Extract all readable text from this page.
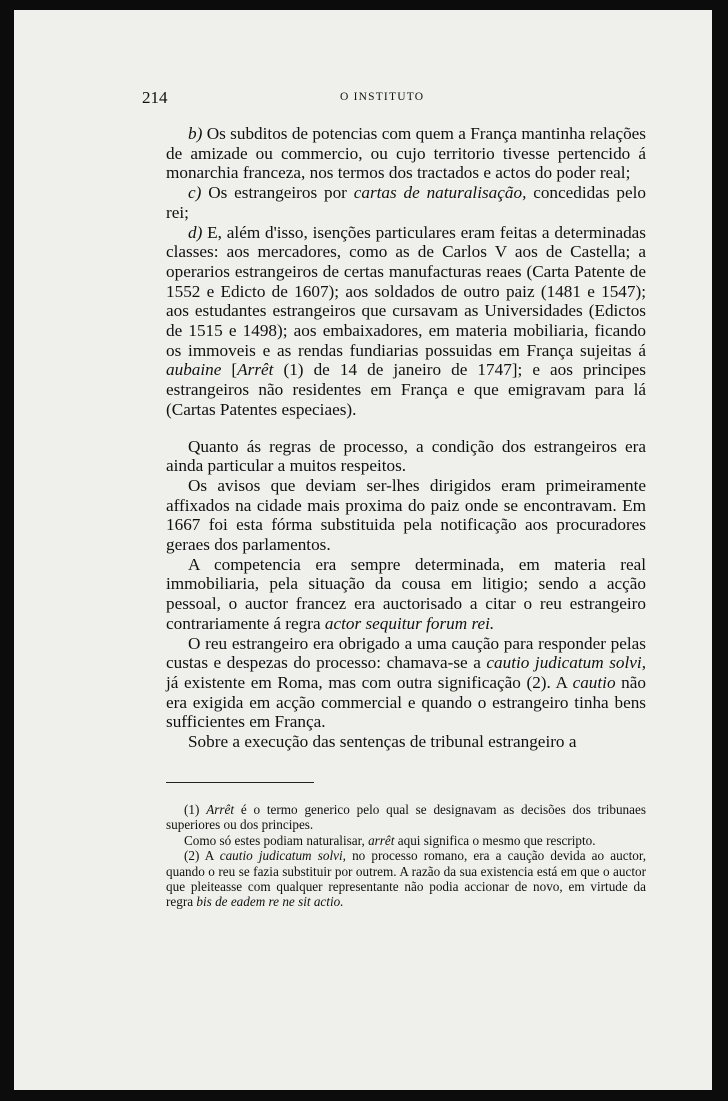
214	O INSTITUTO

b) Os subditos de potencias com quem a França mantinha relações de amizade ou commercio, ou cujo territorio tivesse pertencido á monarchia franceza, nos termos dos tractados e actos do poder real;

c) Os estrangeiros por cartas de naturalisação, concedidas pelo rei;

d) E, além d'isso, isenções particulares eram feitas a determinadas classes: aos mercadores, como as de Carlos V aos de Castella; a operarios estrangeiros de certas manufacturas reaes (Carta Patente de 1552 e Edicto de 1607); aos soldados de outro paiz (1481 e 1547); aos estudantes estrangeiros que cursavam as Universidades (Edictos de 1515 e 1498); aos embaixadores, em materia mobiliaria, ficando os immoveis e as rendas fundiarias possuidas em França sujeitas á aubaine [Arrêt (1) de 14 de janeiro de 1747]; e aos principes estrangeiros não residentes em França e que emigravam para lá (Cartas Patentes especiaes).

Quanto ás regras de processo, a condição dos estrangeiros era ainda particular a muitos respeitos.

Os avisos que deviam ser-lhes dirigidos eram primeiramente affixados na cidade mais proxima do paiz onde se encontravam. Em 1667 foi esta fórma substituida pela notificação aos procuradores geraes dos parlamentos.

A competencia era sempre determinada, em materia real immobiliaria, pela situação da cousa em litigio; sendo a acção pessoal, o auctor francez era auctorisado a citar o reu estrangeiro contrariamente á regra actor sequitur forum rei.

O reu estrangeiro era obrigado a uma caução para responder pelas custas e despezas do processo: chamava-se a cautio judicatum solvi, já existente em Roma, mas com outra significação (2). A cautio não era exigida em acção commercial e quando o estrangeiro tinha bens sufficientes em França.

Sobre a execução das sentenças de tribunal estrangeiro a

(1) Arrêt é o termo generico pelo qual se designavam as decisões dos tribunaes superiores ou dos principes.

Como só estes podiam naturalisar, arrêt aqui significa o mesmo que rescripto.

(2) A cautio judicatum solvi, no processo romano, era a caução devida ao auctor, quando o reu se fazia substituir por outrem. A razão da sua existencia está em que o auctor que pleiteasse com qualquer representante não podia accionar de novo, em virtude da regra bis de eadem re ne sit actio.
